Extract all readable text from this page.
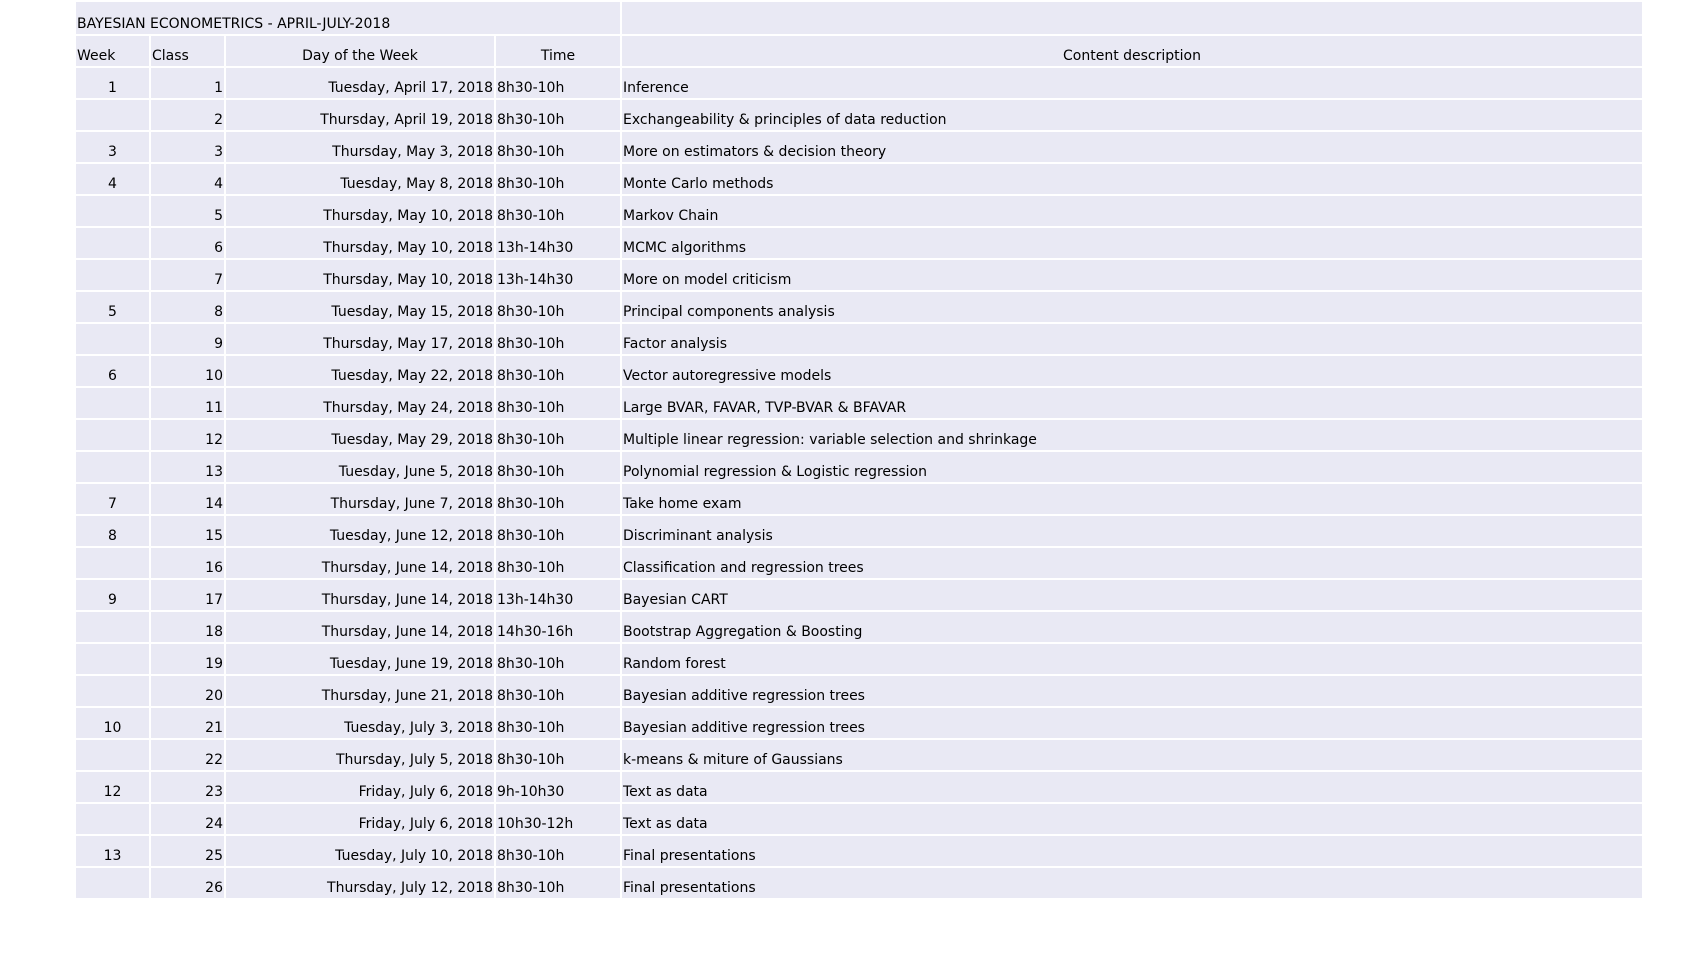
BAYESIAN ECONOMETRICS - APRIL-JULY-2018				
Week	Class	Day of the Week	Time	Content description
1	1	Tuesday, April 17, 2018	8h30-10h	Inference
	2	Thursday, April 19, 2018	8h30-10h	Exchangeability & principles of data reduction
3	3	Thursday, May 3, 2018	8h30-10h	More on estimators & decision theory
4	4	Tuesday, May 8, 2018	8h30-10h	Monte Carlo methods
	5	Thursday, May 10, 2018	8h30-10h	Markov Chain
	6	Thursday, May 10, 2018	13h-14h30	MCMC algorithms
	7	Thursday, May 10, 2018	13h-14h30	More on model criticism
5	8	Tuesday, May 15, 2018	8h30-10h	Principal components analysis
	9	Thursday, May 17, 2018	8h30-10h	Factor analysis
6	10	Tuesday, May 22, 2018	8h30-10h	Vector autoregressive models
	11	Thursday, May 24, 2018	8h30-10h	Large BVAR, FAVAR, TVP-BVAR & BFAVAR
	12	Tuesday, May 29, 2018	8h30-10h	Multiple linear regression: variable selection and shrinkage
	13	Tuesday, June 5, 2018	8h30-10h	Polynomial regression & Logistic regression
7	14	Thursday, June 7, 2018	8h30-10h	Take home exam
8	15	Tuesday, June 12, 2018	8h30-10h	Discriminant analysis
	16	Thursday, June 14, 2018	8h30-10h	Classification and regression trees
9	17	Thursday, June 14, 2018	13h-14h30	Bayesian CART
	18	Thursday, June 14, 2018	14h30-16h	Bootstrap Aggregation & Boosting
	19	Tuesday, June 19, 2018	8h30-10h	Random forest
	20	Thursday, June 21, 2018	8h30-10h	Bayesian additive regression trees
10	21	Tuesday, July 3, 2018	8h30-10h	Bayesian additive regression trees
	22	Thursday, July 5, 2018	8h30-10h	k-means & miture of Gaussians
12	23	Friday, July 6, 2018	9h-10h30	Text as data
	24	Friday, July 6, 2018	10h30-12h	Text as data
13	25	Tuesday, July 10, 2018	8h30-10h	Final presentations
	26	Thursday, July 12, 2018	8h30-10h	Final presentations
